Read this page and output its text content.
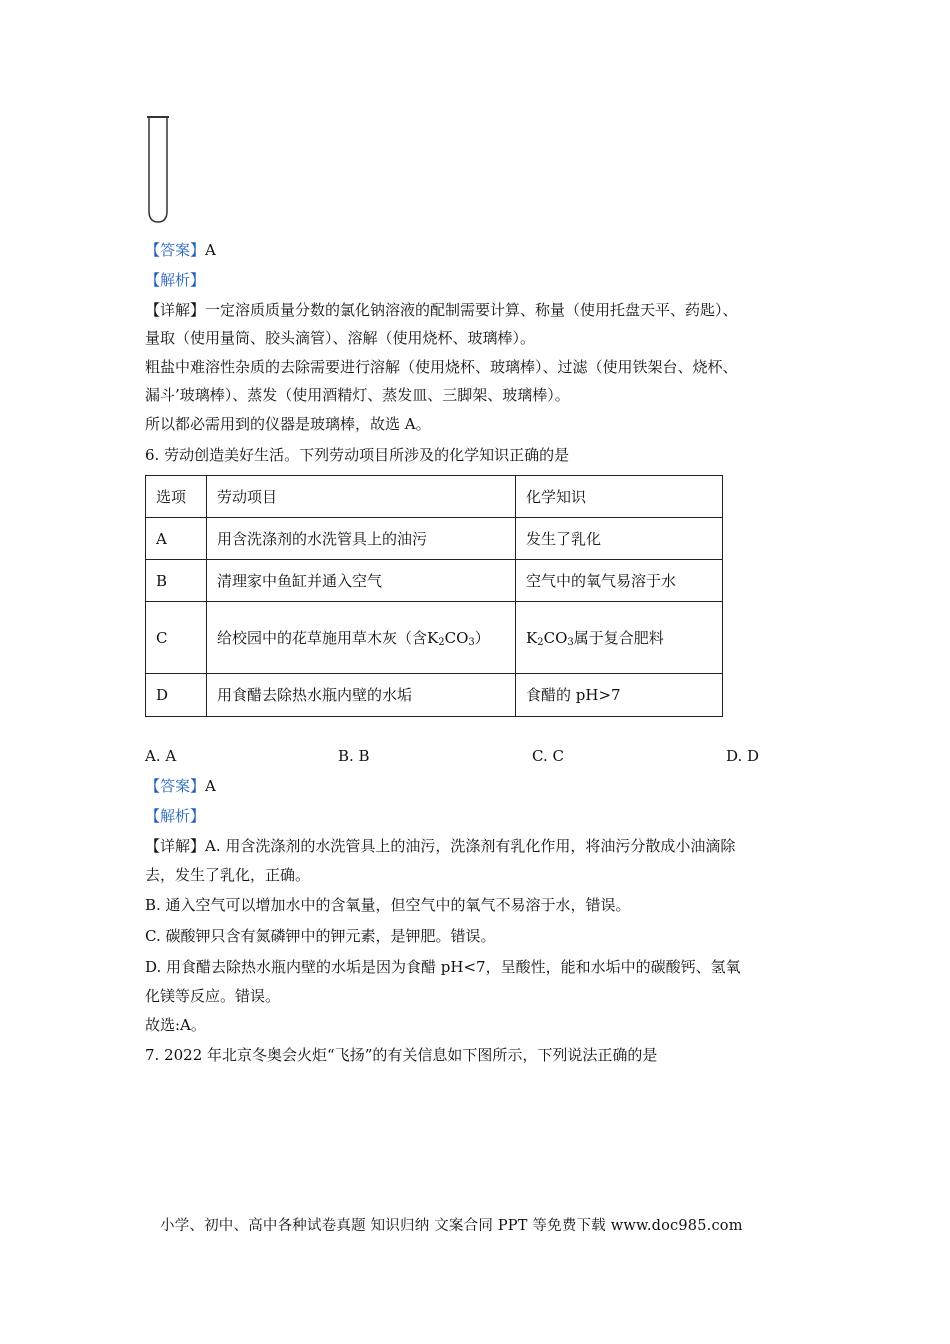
【答案】A
【解析】
【详解】一定溶质质量分数的氯化钠溶液的配制需要计算、称量（使用托盘天平、药匙）、
量取（使用量筒、胶头滴管）、溶解（使用烧杯、玻璃棒）。
粗盐中难溶性杂质的去除需要进行溶解（使用烧杯、玻璃棒）、过滤（使用铁架台、烧杯、
漏斗’玻璃棒）、蒸发（使用酒精灯、蒸发皿、三脚架、玻璃棒）。
所以都必需用到的仪器是玻璃棒，故选 A。
6. 劳动创造美好生活。下列劳动项目所涉及的化学知识正确的是
选项	劳动项目	化学知识
A	用含洗涤剂的水洗管具上的油污	发生了乳化
B	清理家中鱼缸并通入空气	空气中的氧气易溶于水
C	给校园中的花草施用草木灰（含$K_2CO_3$）	$K_2CO_3$属于复合肥料
D	用食醋去除热水瓶内壁的水垢	食醋的 pH>7
A. A	B. B	C. C	D. D
【答案】A
【解析】
【详解】A. 用含洗涤剂的水洗管具上的油污，洗涤剂有乳化作用，将油污分散成小油滴除
去，发生了乳化，正确。
B. 通入空气可以增加水中的含氧量，但空气中的氧气不易溶于水，错误。
C. 碳酸钾只含有氮磷钾中的钾元素，是钾肥。错误。
D. 用食醋去除热水瓶内壁的水垢是因为食醋 pH<7，呈酸性，能和水垢中的碳酸钙、氢氧
化镁等反应。错误。
故选:A。
7. 2022 年北京冬奥会火炬“飞扬”的有关信息如下图所示，下列说法正确的是
小学、初中、高中各种试卷真题 知识归纳 文案合同 PPT 等免费下载 www.doc985.com
